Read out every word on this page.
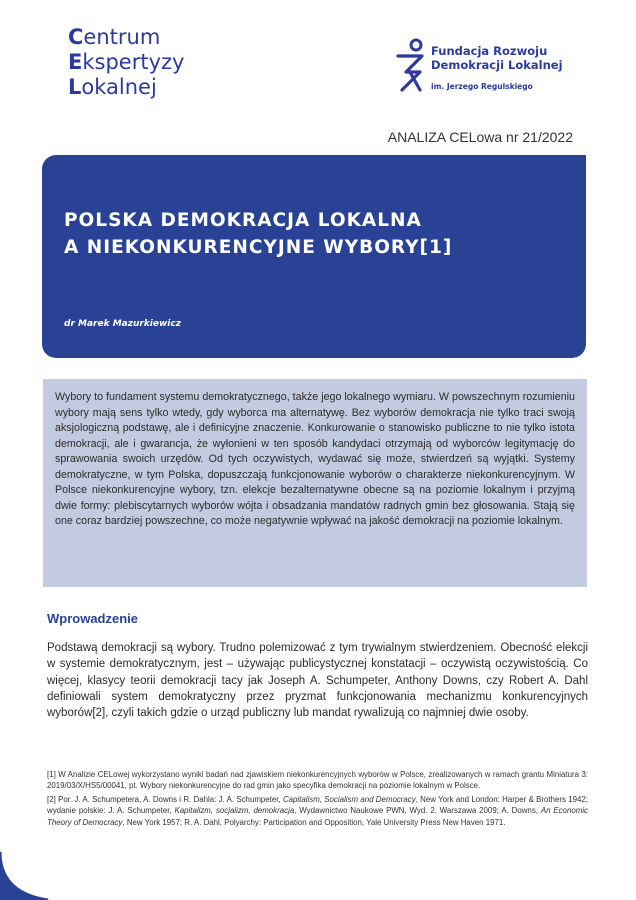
Centrum
Ekspertyzy
Lokalnej
Fundacja Rozwoju
Demokracji Lokalnej
im. Jerzego Regulskiego
ANALIZA CELowa nr 21/2022
POLSKA DEMOKRACJA LOKALNA
A NIEKONKURENCYJNE WYBORY[1]
dr Marek Mazurkiewicz

Wybory to fundament systemu demokratycznego, także jego lokalnego wymiaru. W powszechnym rozumieniu wybory mają sens tylko wtedy, gdy wyborca ma alternatywę. Bez wyborów demokracja nie tylko traci swoją aksjologiczną podstawę, ale i definicyjne znaczenie. Konkurowanie o stanowisko publiczne to nie tylko istota demokracji, ale i gwarancja, że wyłonieni w ten sposób kandydaci otrzymają od wyborców legitymację do sprawowania swoich urzędów. Od tych oczywistych, wydawać się może, stwierdzeń są wyjątki. Systemy demokratyczne, w tym Polska, dopuszczają funkcjonowanie wyborów o charakterze niekonkurencyjnym. W Polsce niekonkurencyjne wybory, tzn. elekcje bezalternatywne obecne są na poziomie lokalnym i przyjmą dwie formy: plebiscytarnych wyborów wójta i obsadzania mandatów radnych gmin bez głosowania. Stają się one coraz bardziej powszechne, co może negatywnie wpływać na jakość demokracji na poziomie lokalnym.

Wprowadzenie

Podstawą demokracji są wybory. Trudno polemizować z tym trywialnym stwierdzeniem. Obecność elekcji w systemie demokratycznym, jest – używając publicystycznej konstatacji – oczywistą oczywistością. Co więcej, klasycy teorii demokracji tacy jak Joseph A. Schumpeter, Anthony Downs, czy Robert A. Dahl definiowali system demokratyczny przez pryzmat funkcjonowania mechanizmu konkurencyjnych wyborów[2], czyli takich gdzie o urząd publiczny lub mandat rywalizują co najmniej dwie osoby.

[1] W Analizie CELowej wykorzystano wyniki badań nad zjawiskiem niekonkurencyjnych wyborów w Polsce, zrealizowanych w ramach grantu Miniatura 3: 2019/03/X/HS5/00041, pt. Wybory niekonkurencyjne do rad gmin jako specyfika demokracji na poziomie lokalnym w Polsce.

[2] Por. J. A. Schumpetera, A. Downs i R. Dahla: J. A. Schumpeter, Capitalism, Socialism and Democracy, New York and London: Harper & Brothers 1942; wydanie polskie: J. A. Schumpeter, Kapitalizm, socjalizm, demokracja, Wydawnictwo Naukowe PWN, Wyd. 2. Warszawa 2009; A. Downs, An Economic Theory of Democracy, New York 1957; R. A. Dahl, Polyarchy: Participation and Opposition, Yale University Press New Haven 1971.
